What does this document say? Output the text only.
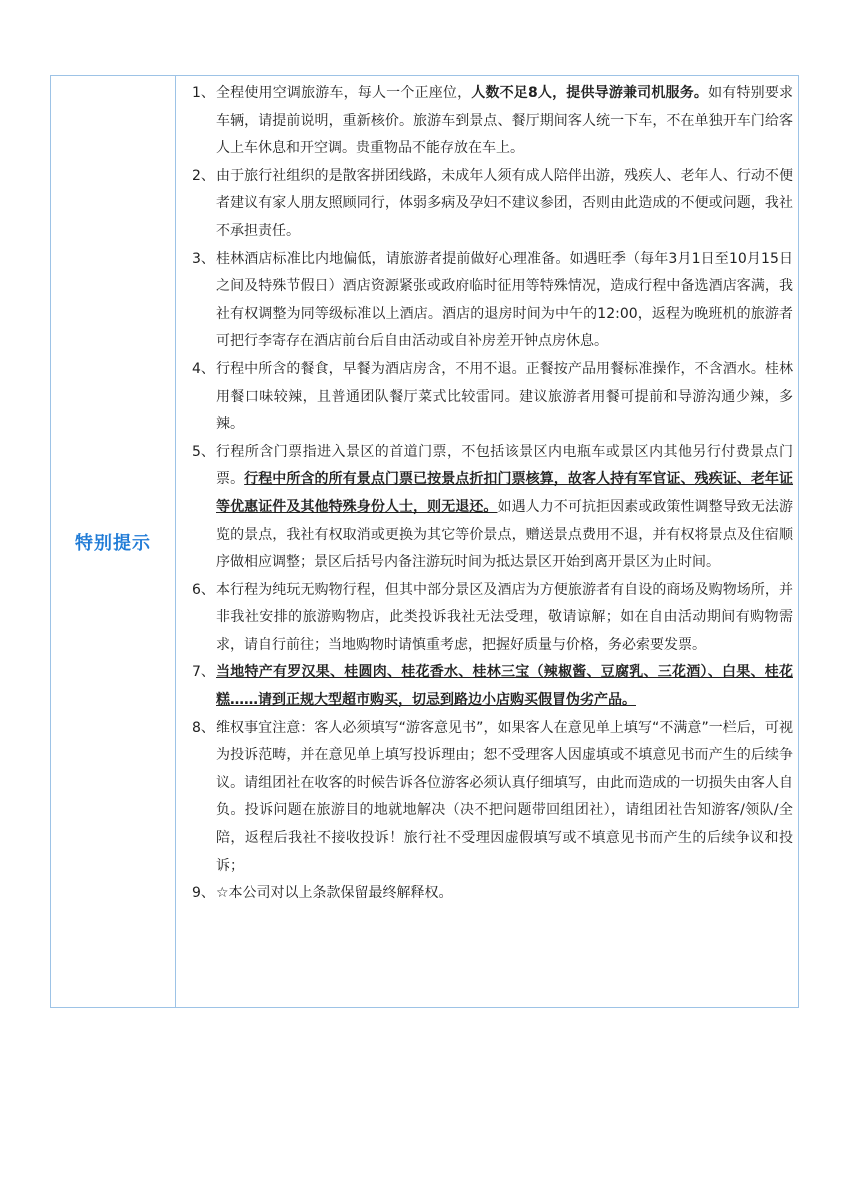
特别提示
1、 全程使用空调旅游车，每人一个正座位，人数不足8人，提供导游兼司机服务。如有特别要求车辆，请提前说明，重新核价。旅游车到景点、餐厅期间客人统一下车，不在单独开车门给客人上车休息和开空调。贵重物品不能存放在车上。
2、 由于旅行社组织的是散客拼团线路，未成年人须有成人陪伴出游，残疾人、老年人、行动不便者建议有家人朋友照顾同行，体弱多病及孕妇不建议参团，否则由此造成的不便或问题，我社不承担责任。
3、 桂林酒店标准比内地偏低，请旅游者提前做好心理准备。如遇旺季（每年3月1日至10月15日之间及特殊节假日）酒店资源紧张或政府临时征用等特殊情况，造成行程中备选酒店客满，我社有权调整为同等级标准以上酒店。酒店的退房时间为中午的12:00，返程为晚班机的旅游者可把行李寄存在酒店前台后自由活动或自补房差开钟点房休息。
4、 行程中所含的餐食，早餐为酒店房含，不用不退。正餐按产品用餐标准操作，不含酒水。桂林用餐口味较辣，且普通团队餐厅菜式比较雷同。建议旅游者用餐可提前和导游沟通少辣，多辣。
5、 行程所含门票指进入景区的首道门票，不包括该景区内电瓶车或景区内其他另行付费景点门票。行程中所含的所有景点门票已按景点折扣门票核算，故客人持有军官证、残疾证、老年证等优惠证件及其他特殊身份人士，则无退还。如遇人力不可抗拒因素或政策性调整导致无法游览的景点，我社有权取消或更换为其它等价景点，赠送景点费用不退，并有权将景点及住宿顺序做相应调整；景区后括号内备注游玩时间为抵达景区开始到离开景区为止时间。
6、 本行程为纯玩无购物行程，但其中部分景区及酒店为方便旅游者有自设的商场及购物场所，并非我社安排的旅游购物店，此类投诉我社无法受理，敬请谅解；如在自由活动期间有购物需求，请自行前往；当地购物时请慎重考虑，把握好质量与价格，务必索要发票。
7、 当地特产有罗汉果、桂圆肉、桂花香水、桂林三宝（辣椒酱、豆腐乳、三花酒）、白果、桂花糕……请到正规大型超市购买，切忌到路边小店购买假冒伪劣产品。
8、 维权事宜注意：客人必须填写“游客意见书”，如果客人在意见单上填写“不满意”一栏后，可视为投诉范畴，并在意见单上填写投诉理由；恕不受理客人因虚填或不填意见书而产生的后续争议。请组团社在收客的时候告诉各位游客必须认真仔细填写，由此而造成的一切损失由客人自负。投诉问题在旅游目的地就地解决（决不把问题带回组团社），请组团社告知游客/领队/全陪，返程后我社不接收投诉！旅行社不受理因虚假填写或不填意见书而产生的后续争议和投诉；
9、 ☆本公司对以上条款保留最终解释权。
